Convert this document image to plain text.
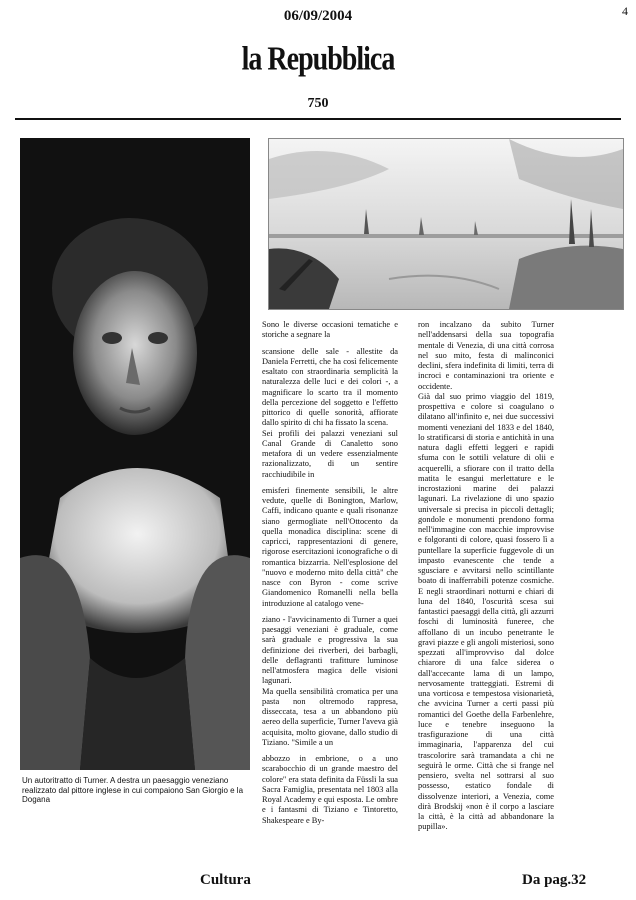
4
06/09/2004
la Repubblica
750
Un autoritratto di Turner. A destra un paesaggio veneziano realizzato dal pittore inglese in cui compaiono San Giorgio e la Dogana

Sono le diverse occasioni tematiche e storiche a segnare la

scansione delle sale - allestite da Daniela Ferretti, che ha così felicemente esaltato con straordinaria semplicità la naturalezza delle luci e dei colori -, a magnificare lo scarto tra il momento della percezione del soggetto e l'effetto pittorico di quelle sonorità, affiorate dallo spirito di chi ha fissato la scena.

Sei profili dei palazzi veneziani sul Canal Grande di Canaletto sono metafora di un vedere essenzialmente razionalizzato, di un sentire racchiudibile in

emisferi finemente sensibili, le altre vedute, quelle di Bonington, Marlow, Caffi, indicano quante e quali risonanze siano germogliate nell'Ottocento da quella monadica disciplina: scene di capricci, rappresentazioni di genere, rigorose esercitazioni iconografiche o di romantica bizzarria. Nell'esplosione del "nuovo e moderno mito della città" che nasce con Byron - come scrive Giandomenico Romanelli nella bella introduzione al catalogo vene-

ziano - l'avvicinamento di Turner a quei paesaggi veneziani è graduale, come sarà graduale e progressiva la sua definizione dei riverberi, dei barbagli, delle deflagranti trafitture luminose nell'atmosfera magica delle visioni lagunari.

Ma quella sensibilità cromatica per una pasta non oltremodo rappresa, disseccata, tesa a un abbandono più aereo della superficie, Turner l'aveva già acquisita, molto giovane, dallo studio di Tiziano. "Simile a un

abbozzo in embrione, o a uno scarabocchio di un grande maestro del colore" era stata definita da Füssli la sua Sacra Famiglia, presentata nel 1803 alla Royal Academy e qui esposta. Le ombre e i fantasmi di Tiziano e Tintoretto, Shakespeare e By-

ron incalzano da subito Turner nell'addensarsi della sua topografia mentale di Venezia, di una città corrosa nel suo mito, festa di malinconici declini, sfera indefinita di limiti, terra di incroci e contaminazioni tra oriente e occidente.

Già dal suo primo viaggio del 1819, prospettiva e colore si coagulano o dilatano all'infinito e, nei due successivi momenti veneziani del 1833 e del 1840, lo stratificarsi di storia e antichità in una natura dagli effetti leggeri e rapidi sfuma con le sottili velature di olii e acquerelli, a sfiorare con il tratto della matita le esangui merlettature e le incrostazioni marine dei palazzi lagunari. La rivelazione di uno spazio universale si precisa in piccoli dettagli; gondole e monumenti prendono forma nell'immagine con macchie improvvise e folgoranti di colore, quasi fossero lì a puntellare la superficie fuggevole di un impasto evanescente che tende a sgusciare e avvitarsi nello scintillante boato di inafferrabili potenze cosmiche. E negli straordinari notturni e chiari di luna del 1840, l'oscurità scesa sui fantastici paesaggi della città, gli azzurri foschi di luminosità funeree, che affollano di un incubo penetrante le gravi piazze e gli angoli misteriosi, sono spezzati all'improvviso dal dolce chiarore di una falce siderea o dall'accecante lama di un lampo, nervosamente tratteggiati. Estremi di una vorticosa e tempestosa visionarietà, che avvicina Turner a certi passi più romantici del Goethe della Farbenlehre, luce e tenebre inseguono la trasfigurazione di una città immaginaria, l'apparenza del cui trascolorire sarà tramandata a chi ne seguirà le orme. Città che si frange nel pensiero, svelta nel sottrarsi al suo possesso, estatico fondale di dissolvenze interiori, a Venezia, come dirà Brodskij «non è il corpo a lasciare la città, è la città ad abbandonare la pupilla».

Cultura	Da pag.32
